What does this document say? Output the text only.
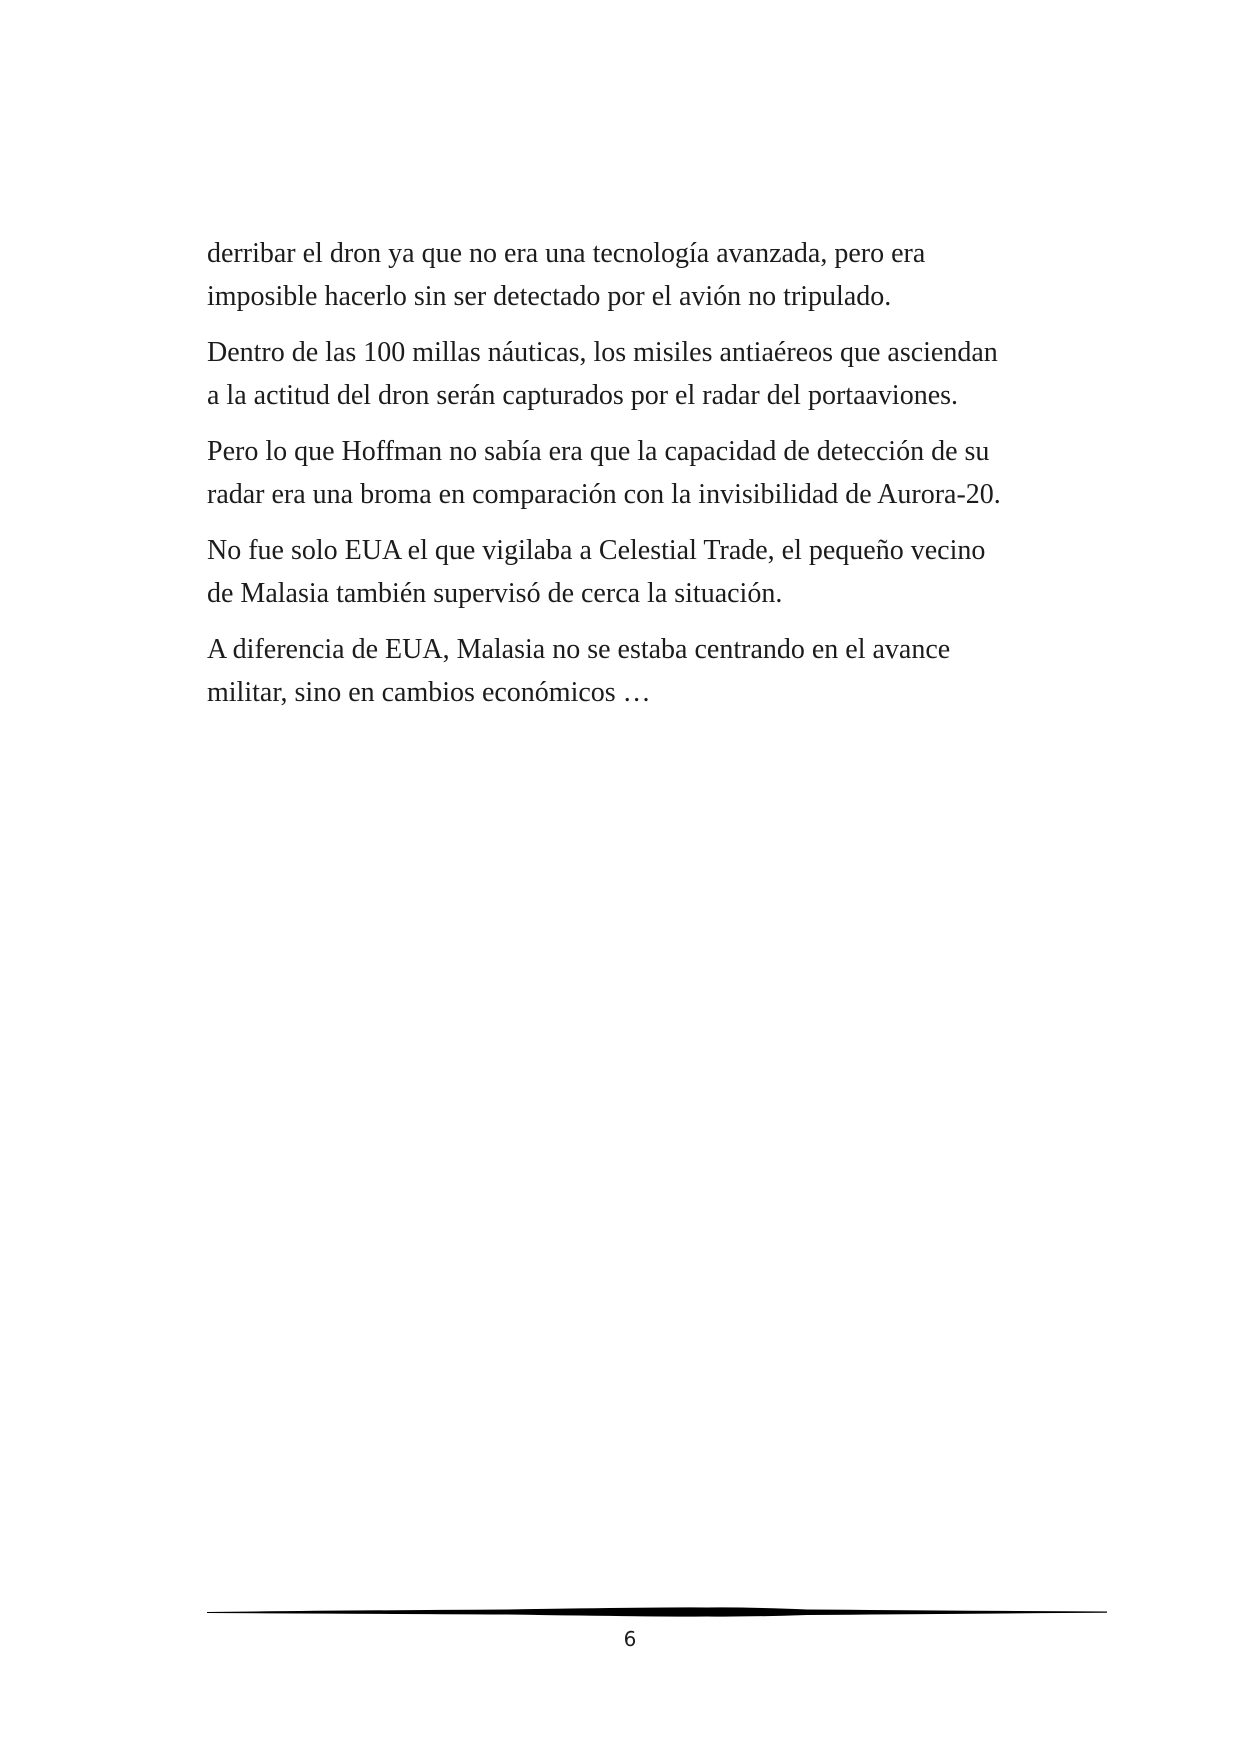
derribar el dron ya que no era una tecnología avanzada, pero era
imposible hacerlo sin ser detectado por el avión no tripulado.

Dentro de las 100 millas náuticas, los misiles antiaéreos que asciendan
a la actitud del dron serán capturados por el radar del portaaviones.

Pero lo que Hoffman no sabía era que la capacidad de detección de su
radar era una broma en comparación con la invisibilidad de Aurora-20.

No fue solo EUA el que vigilaba a Celestial Trade, el pequeño vecino
de Malasia también supervisó de cerca la situación.

A diferencia de EUA, Malasia no se estaba centrando en el avance
militar, sino en cambios económicos …

6
